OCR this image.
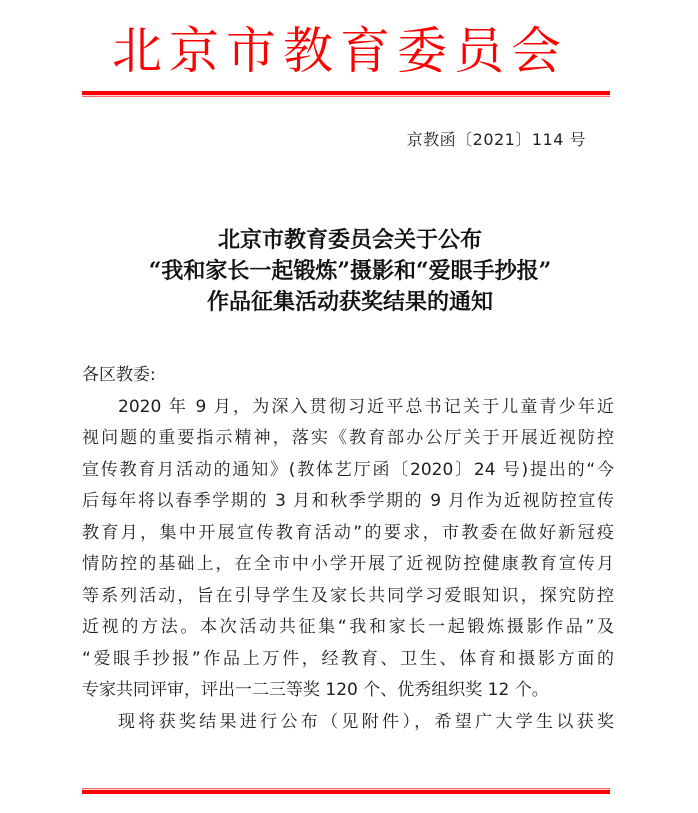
北京市教育委员会
京教函〔2021〕114 号
北京市教育委员会关于公布
“我和家长一起锻炼”摄影和“爱眼手抄报”
作品征集活动获奖结果的通知
各区教委:
2020 年 9 月，为深入贯彻习近平总书记关于儿童青少年近
视问题的重要指示精神，落实《教育部办公厅关于开展近视防控
宣传教育月活动的通知》(教体艺厅函〔2020〕24 号)提出的“今
后每年将以春季学期的 3 月和秋季学期的 9 月作为近视防控宣传
教育月，集中开展宣传教育活动”的要求，市教委在做好新冠疫
情防控的基础上，在全市中小学开展了近视防控健康教育宣传月
等系列活动，旨在引导学生及家长共同学习爱眼知识，探究防控
近视的方法。本次活动共征集“我和家长一起锻炼摄影作品”及
“爱眼手抄报”作品上万件，经教育、卫生、体育和摄影方面的
专家共同评审，评出一二三等奖 120 个、优秀组织奖 12 个。
现将获奖结果进行公布（见附件），希望广大学生以获奖
